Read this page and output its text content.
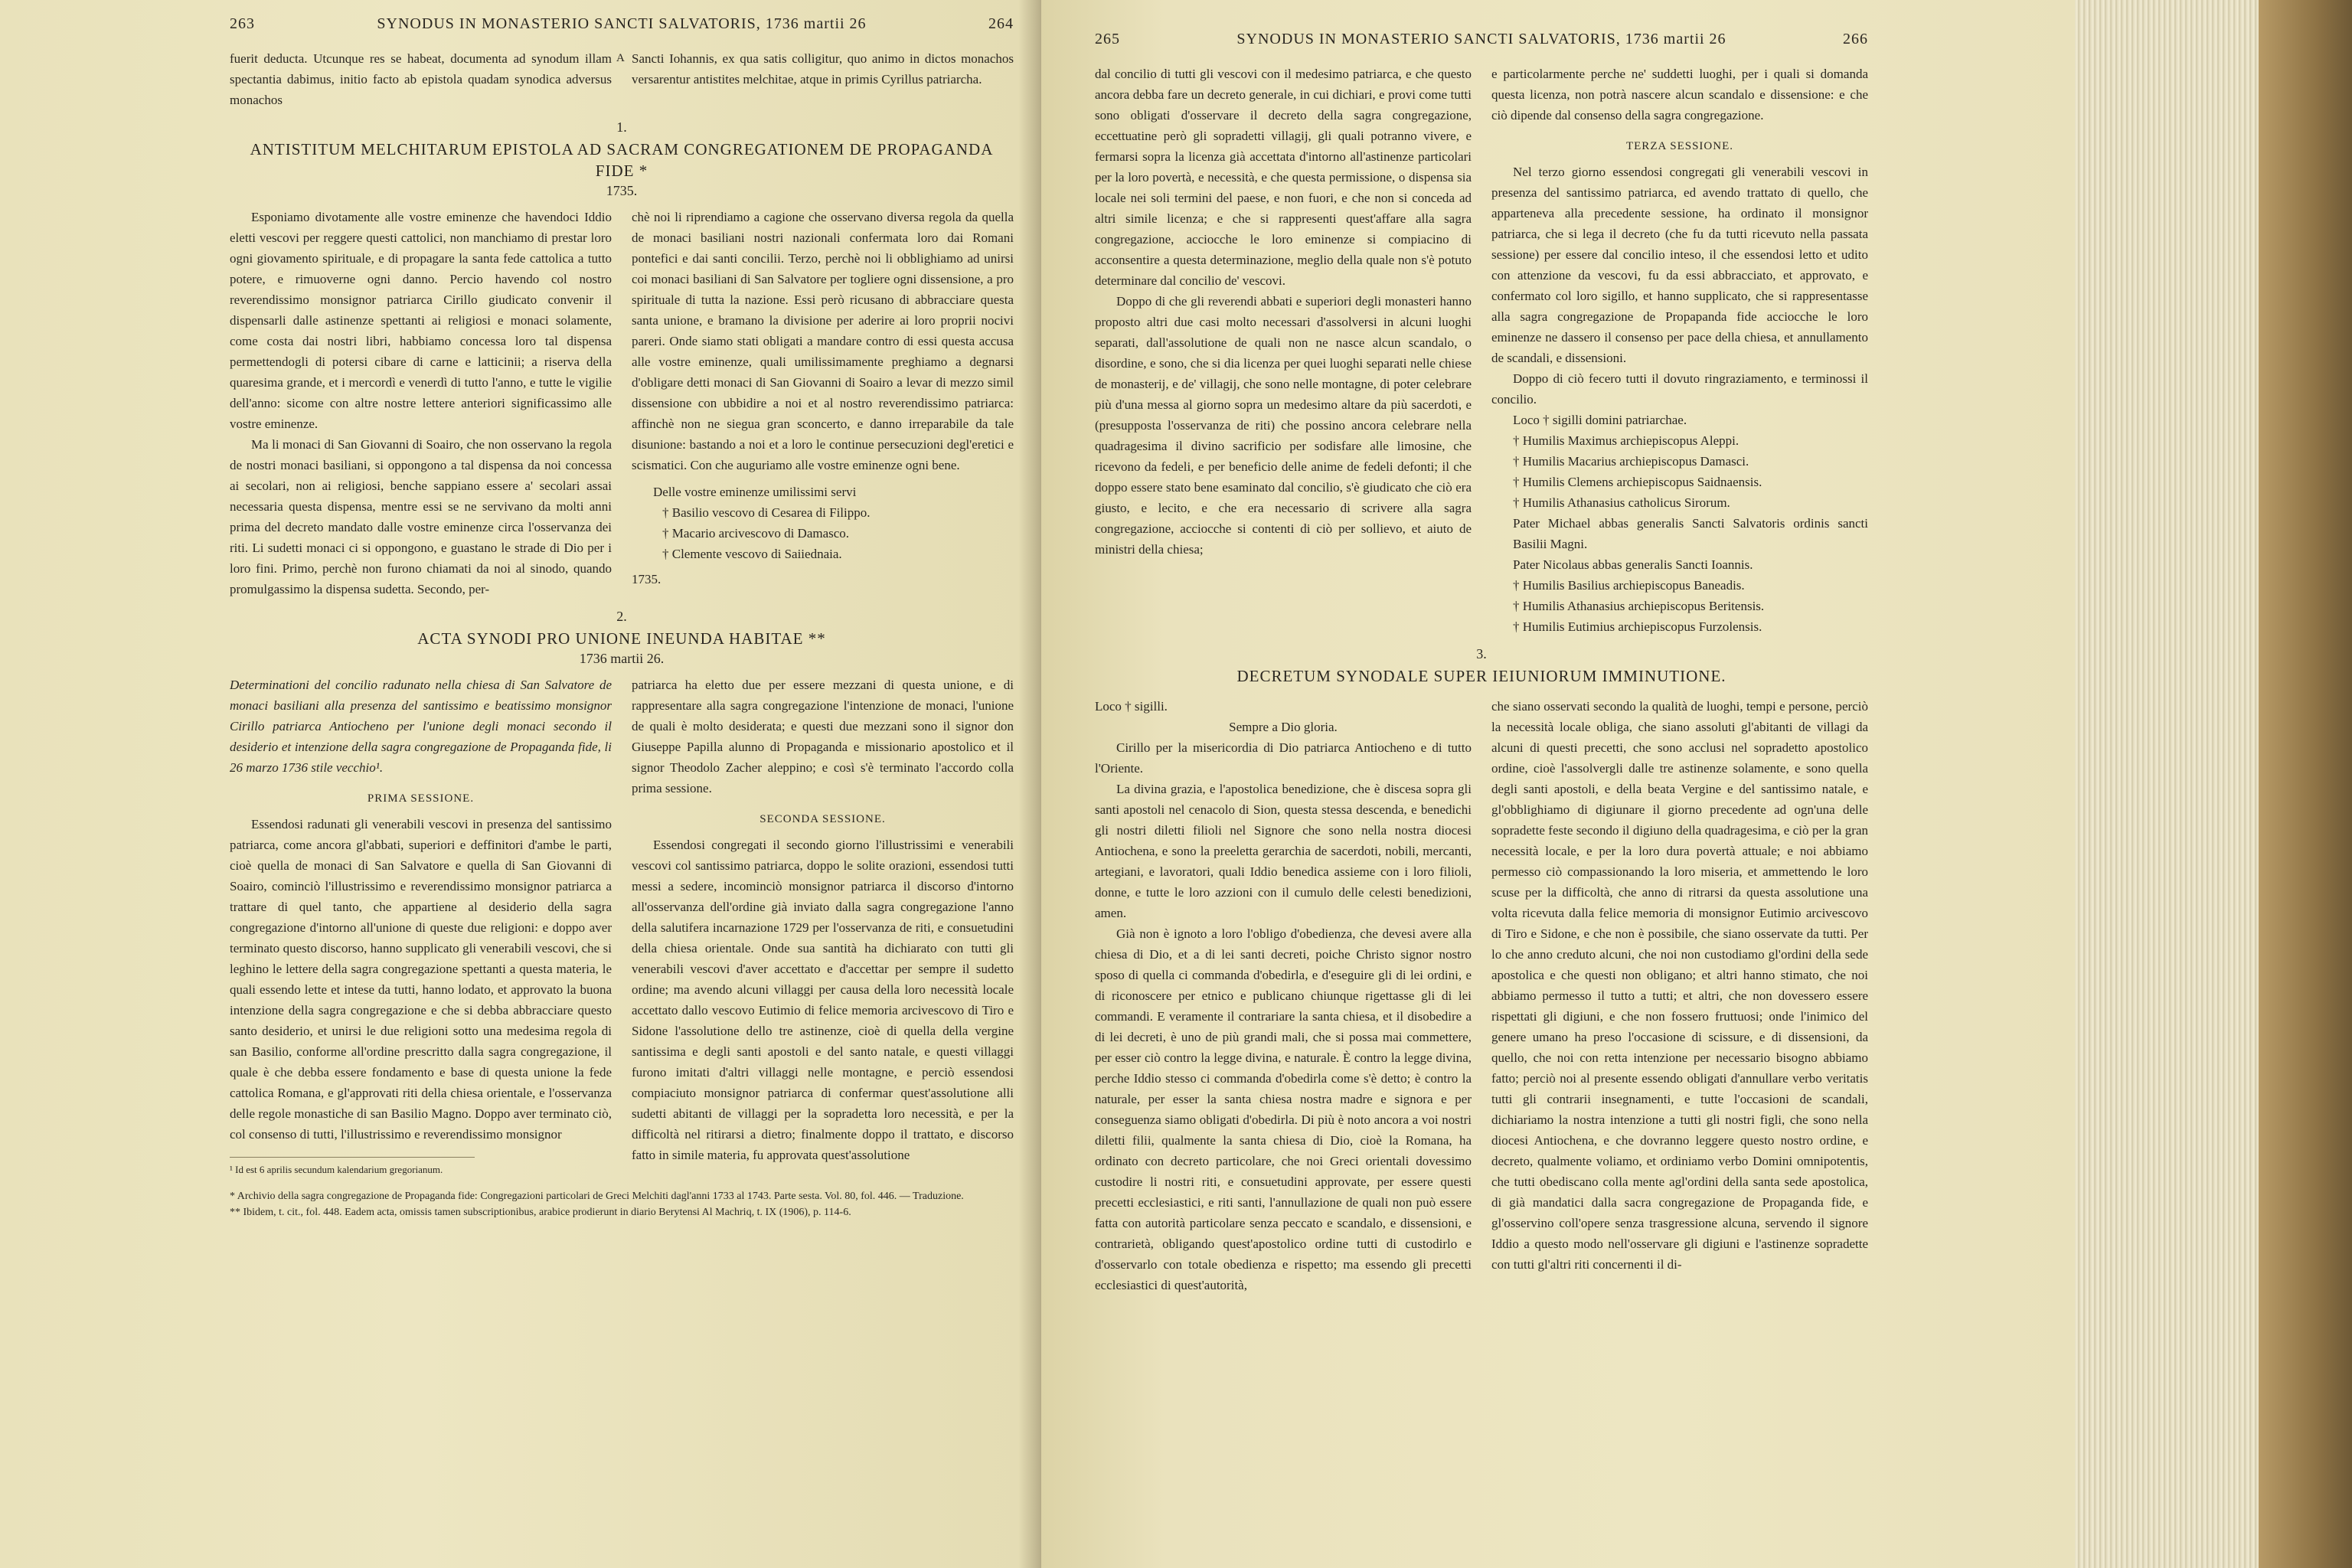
263	SYNODUS IN MONASTERIO SANCTI SALVATORIS, 1736 martii 26	264

fuerit deducta. Utcunque res se habeat, documenta ad synodum illam spectantia dabimus, initio facto ab epistola quadam synodica adversus monachos

A Sancti Iohannis, ex qua satis colligitur, quo animo in dictos monachos versarentur antistites melchitae, atque in primis Cyrillus patriarcha.

1.
ANTISTITUM MELCHITARUM EPISTOLA AD SACRAM CONGREGATIONEM DE PROPAGANDA FIDE *
1735.

Esponiamo divotamente alle vostre eminenze che havendoci Iddio eletti vescovi per reggere questi cattolici, non manchiamo di prestar loro ogni giovamento spirituale, e di propagare la santa fede cattolica a tutto potere, e rimuoverne ogni danno. Percio havendo col nostro reverendissimo monsignor patriarca Cirillo giudicato convenir il dispensarli dalle astinenze spettanti ai religiosi e monaci solamente, come costa dai nostri libri, habbiamo concessa loro tal dispensa permettendogli di potersi cibare di carne e latticinii; a riserva della quaresima grande, et i mercordì e venerdì di tutto l'anno, e tutte le vigilie dell'anno: sicome con altre nostre lettere anteriori significassimo alle vostre eminenze.

Ma li monaci di San Giovanni di Soairo, che non osservano la regola de nostri monaci basiliani, si oppongono a tal dispensa da noi concessa ai secolari, non ai religiosi, benche sappiano essere a' secolari assai necessaria questa dispensa, mentre essi se ne servivano da molti anni prima del decreto mandato dalle vostre eminenze circa l'osservanza dei riti. Li sudetti monaci ci si oppongono, e guastano le strade di Dio per i loro fini. Primo, perchè non furono chiamati da noi al sinodo, quando promulgassimo la dispensa sudetta. Secondo, per-

chè noi li riprendiamo a cagione che osservano diversa regola da quella de monaci basiliani nostri nazionali confermata loro dai Romani pontefici e dai santi concilii. Terzo, perchè noi li obblighiamo ad unirsi coi monaci basiliani di San Salvatore per togliere ogni dissensione, a pro spirituale di tutta la nazione. Essi però ricusano di abbracciare questa santa unione, e bramano la divisione per aderire ai loro proprii nocivi pareri. Onde siamo stati obligati a mandare contro di essi questa accusa alle vostre eminenze, quali umilissimamente preghiamo a degnarsi d'obligare detti monaci di San Giovanni di Soairo a levar di mezzo simil dissensione con ubbidire a noi et al nostro reverendissimo patriarca: affinchè non ne sieguа gran sconcerto, e danno irreparabile da tale disunione: bastando a noi et a loro le continue persecuzioni degl'eretici e scismatici. Con che auguriamo alle vostre eminenze ogni bene.

Delle vostre eminenze umilissimi servi

† Basilio vescovo di Cesarea di Filippo.
† Macario arcivescovo di Damasco.
† Clemente vescovo di Saiiednaia.

1735.

2.
ACTA SYNODI PRO UNIONE INEUNDA HABITAE **
1736 martii 26.

Determinationi del concilio radunato nella chiesa di San Salvatore de monaci basiliani alla presenza del santissimo e beatissimo monsignor Cirillo patriarca Antiocheno per l'unione degli monaci secondo il desiderio et intenzione della sagra congregazione de Propaganda fide, li 26 marzo 1736 stile vecchio¹.

PRIMA SESSIONE.

Essendosi radunati gli venerabili vescovi in presenza del santissimo patriarca, come ancora gl'abbati, superiori e deffinitori d'ambe le parti, cioè quella de monaci di San Salvatore e quella di San Giovanni di Soairo, cominciò l'illustrissimo e reverendissimo monsignor patriarca a trattare di quel tanto, che appartiene al desiderio della sagra congregazione d'intorno all'unione di queste due religioni: e doppo aver terminato questo discorso, hanno supplicato gli venerabili vescovi, che si leghino le lettere della sagra congregazione spettanti a questa materia, le quali essendo lette et intese da tutti, hanno lodato, et approvato la buona intenzione della sagra congregazione e che si debba abbracciare questo santo desiderio, et unirsi le due religioni sotto una medesima regola di san Basilio, conforme all'ordine prescritto dalla sagra congregazione, il quale è che debba essere fondamento e base di questa unione la fede cattolica Romana, e gl'approvati riti della chiesa orientale, e l'osservanza delle regole monastiche di san Basilio Magno. Doppo aver terminato ciò, col consenso di tutti, l'illustrissimo e reverendissimo monsignor

¹ Id est 6 aprilis secundum kalendarium gregorianum.

patriarca ha eletto due per essere mezzani di questa unione, e di rappresentare alla sagra congregazione l'intenzione de monaci, l'unione de quali è molto desiderata; e questi due mezzani sono il signor don Giuseppe Papilla alunno di Propaganda e missionario apostolico et il signor Theodolo Zacher aleppino; e così s'è terminato l'accordo colla prima sessione.

SECONDA SESSIONE.

Essendosi congregati il secondo giorno l'illustrissimi e venerabili vescovi col santissimo patriarca, doppo le solite orazioni, essendosi tutti messi a sedere, incominciò monsignor patriarca il discorso d'intorno all'osservanza dell'ordine già inviato dalla sagra congregazione l'anno della salutifera incarnazione 1729 per l'osservanza de riti, e consuetudini della chiesa orientale. Onde sua santità ha dichiarato con tutti gli venerabili vescovi d'aver accettato e d'accettar per sempre il sudetto ordine; ma avendo alcuni villaggi per causa della loro necessità locale accettato dallo vescovo Eutimio di felice memoria arcivescovo di Tiro e Sidone l'assolutione dello tre astinenze, cioè di quella della vergine santissima e degli santi apostoli e del santo natale, e questi villaggi furono imitati d'altri villaggi nelle montagne, e perciò essendosi compiaciuto monsignor patriarca di confermar quest'assolutione alli sudetti abitanti de villaggi per la sopradetta loro necessità, e per la difficoltà nel ritirarsi a dietro; finalmente doppo il trattato, e discorso fatto in simile materia, fu approvata quest'assolutione

* Archivio della sagra congregazione de Propaganda fide: Congregazioni particolari de Greci Melchiti dagl'anni 1733 al 1743. Parte sesta. Vol. 80, fol. 446. — Traduzione.
** Ibidem, t. cit., fol. 448. Eadem acta, omissis tamen subscriptionibus, arabice prodierunt in diario Berytensi Al Machriq, t. IX (1906), p. 114-6.
265	SYNODUS IN MONASTERIO SANCTI SALVATORIS, 1736 martii 26	266

dal concilio di tutti gli vescovi con il medesimo patriarca, e che questo ancora debba fare un decreto generale, in cui dichiari, e provi come tutti sono obligati d'osservare il decreto della sagra congregazione, eccettuatine però gli sopradetti villagij, gli quali potranno vivere, e fermarsi sopra la licenza già accettata d'intorno all'astinenze particolari per la loro povertà, e necessità, e che questa permissione, o dispensa sia locale nei soli termini del paese, e non fuori, e che non si conceda ad altri simile licenza; e che si rappresenti quest'affare alla sagra congregazione, acciocche le loro eminenze si compiacino di acconsentire a questa determinazione, meglio della quale non s'è potuto determinare dal concilio de' vescovi.

Doppo di che gli reverendi abbati e superiori degli monasteri hanno proposto altri due casi molto necessari d'assolversi in alcuni luoghi separati, dall'assolutione de quali non ne nasce alcun scandalo, o disordine, e sono, che si dia licenza per quei luoghi separati nelle chiese de monasterij, e de' villagij, che sono nelle montagne, di poter celebrare più d'una messa al giorno sopra un medesimo altare da più sacerdoti, e (presupposta l'osservanza de riti) che possino ancora celebrare nella quadragesima il divino sacrificio per sodisfare alle limosine, che ricevono da fedeli, e per beneficio delle anime de fedeli defonti; il che doppo essere stato bene esaminato dal concilio, s'è giudicato che ciò era giusto, e lecito, e che era necessario di scrivere alla sagra congregazione, acciocche si contenti di ciò per sollievo, et aiuto de ministri della chiesa;

e particolarmente perche ne' suddetti luoghi, per i quali si domanda questa licenza, non potrà nascere alcun scandalo e dissensione: e che ciò dipende dal consenso della sagra congregazione.

TERZA SESSIONE.

Nel terzo giorno essendosi congregati gli venerabili vescovi in presenza del santissimo patriarca, ed avendo trattato di quello, che apparteneva alla precedente sessione, ha ordinato il monsignor patriarca, che si lega il decreto (che fu da tutti ricevuto nella passata sessione) per essere dal concilio inteso, il che essendosi letto et udito con attenzione da vescovi, fu da essi abbracciato, et approvato, e confermato col loro sigillo, et hanno supplicato, che si rappresentasse alla sagra congregazione de Propapanda fide acciocche le loro eminenze ne dassero il consenso per pace della chiesa, et annullamento de scandali, e dissensioni.

Doppo di ciò fecero tutti il dovuto ringraziamento, e terminossi il concilio.

Loco † sigilli domini patriarchae.
† Humilis Maximus archiepiscopus Aleppi.
† Humilis Macarius archiepiscopus Damasci.
† Humilis Clemens archiepiscopus Saidnaensis.
† Humilis Athanasius catholicus Sirorum.
Pater Michael abbas generalis Sancti Salvatoris ordinis sancti Basilii Magni.
Pater Nicolaus abbas generalis Sancti Ioannis.
† Humilis Basilius archiepiscopus Baneadis.
† Humilis Athanasius archiepiscopus Beritensis.
† Humilis Eutimius archiepiscopus Furzolensis.
3.
DECRETUM SYNODALE SUPER IEIUNIORUM IMMINUTIONE.

Loco † sigilli.

Sempre a Dio gloria.

Cirillo per la misericordia di Dio patriarca Antiocheno e di tutto l'Oriente.

La divina grazia, e l'apostolica benedizione, che è discesa sopra gli santi apostoli nel cenacolo di Sion, questa stessa descenda, e benedichi gli nostri diletti filioli nel Signore che sono nella nostra diocesi Antiochena, e sono la preeletta gerarchia de sacerdoti, nobili, mercanti, artegiani, e lavoratori, quali Iddio benedica assieme con i loro filioli, donne, e tutte le loro azzioni con il cumulo delle celesti benedizioni, amen.

Già non è ignoto a loro l'obligo d'obedienza, che devesi avere alla chiesa di Dio, et a di lei santi decreti, poiche Christo signor nostro sposo di quella ci commanda d'obedirla, e d'eseguire gli di lei ordini, e di riconoscere per etnico e publicano chiunque rigettasse gli di lei commandi. E veramente il contrariare la santa chiesa, et il disobedire a di lei decreti, è uno de più grandi mali, che si possa mai commettere, per esser ciò contro la legge divina, e naturale. È contro la legge divina, perche Iddio stesso ci commanda d'obedirla come s'è detto; è contro la naturale, per esser la santa chiesa nostra madre e signora e per conseguenza siamo obligati d'obedirla. Di più è noto ancora a voi nostri diletti filii, qualmente la santa chiesa di Dio, cioè la Romana, ha ordinato con decreto particolare, che noi Greci orientali dovessimo custodire li nostri riti, e consuetudini approvate, per essere questi precetti ecclesiastici, e riti santi, l'annullazione de quali non può essere fatta con autorità particolare senza peccato e scandalo, e dissensioni, e contrarietà, obligando quest'apostolico ordine tutti di custodirlo e d'osservarlo con totale obedienza e rispetto; ma essendo gli precetti ecclesiastici di quest'autorità,

che siano osservati secondo la qualità de luoghi, tempi e persone, perciò la necessità locale obliga, che siano assoluti gl'abitanti de villagi da alcuni di questi precetti, che sono acclusi nel sopradetto apostolico ordine, cioè l'assolvergli dalle tre astinenze solamente, e sono quella degli santi apostoli, e della beata Vergine e del santissimo natale, e gl'obblighiamo di digiunare il giorno precedente ad ogn'una delle sopradette feste secondo il digiuno della quadragesima, e ciò per la gran necessità locale, e per la loro dura povertà attuale; e noi abbiamo permesso ciò compassionando la loro miseria, et ammettendo le loro scuse per la difficoltà, che anno di ritrarsi da questa assolutione una volta ricevuta dalla felice memoria di monsignor Eutimio arcivescovo di Tiro e Sidone, e che non è possibile, che siano osservate da tutti. Per lo che anno creduto alcuni, che noi non custodiamo gl'ordini della sede apostolica e che questi non obligano; et altri hanno stimato, che noi abbiamo permesso il tutto a tutti; et altri, che non dovessero essere rispettati gli digiuni, e che non fossero fruttuosi; onde l'inimico del genere umano ha preso l'occasione di scissure, e di dissensioni, da quello, che noi con retta intenzione per necessario bisogno abbiamo fatto; perciò noi al presente essendo obligati d'annullare verbo veritatis tutti gli contrarii insegnamenti, e tutte l'occasioni de scandali, dichiariamo la nostra intenzione a tutti gli nostri figli, che sono nella diocesi Antiochena, e che dovranno leggere questo nostro ordine, e decreto, qualmente voliamo, et ordiniamo verbo Domini omnipotentis, che tutti obediscano colla mente agl'ordini della santa sede apostolica, di già mandatici dalla sacra congregazione de Propaganda fide, e gl'osservino coll'opere senza trasgressione alcuna, servendo il signore Iddio a questo modo nell'osservare gli digiuni e l'astinenze sopradette con tutti gl'altri riti concernenti il di-
